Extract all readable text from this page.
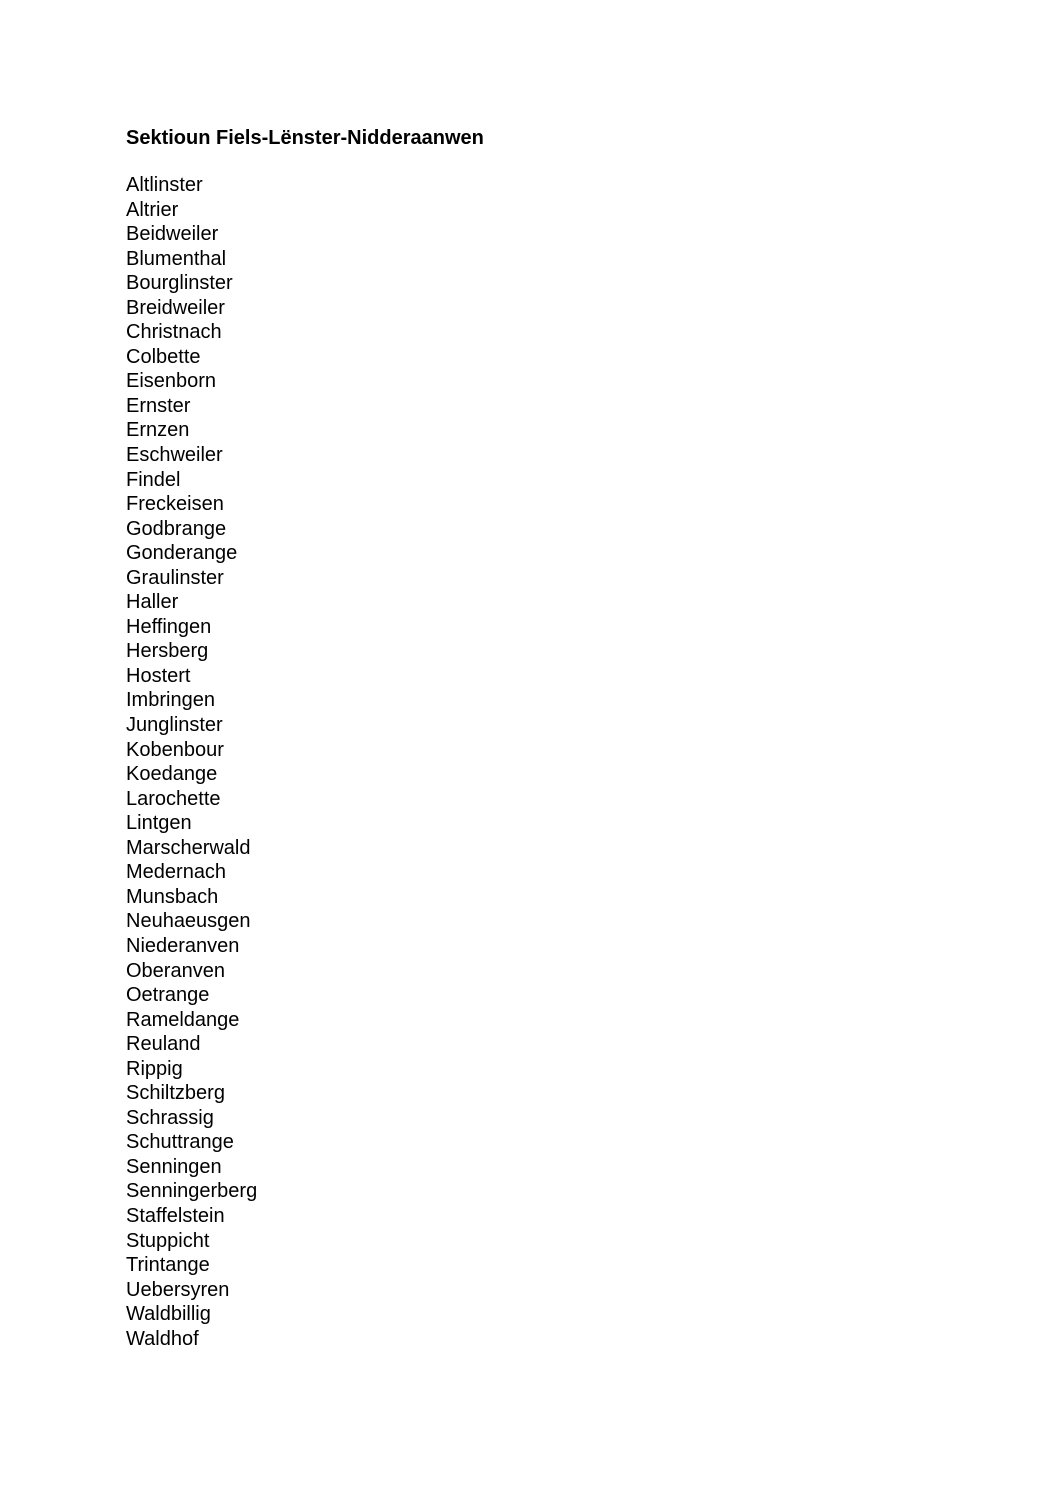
Sektioun Fiels-Lënster-Nidderaanwen
Altlinster
Altrier
Beidweiler
Blumenthal
Bourglinster
Breidweiler
Christnach
Colbette
Eisenborn
Ernster
Ernzen
Eschweiler
Findel
Freckeisen
Godbrange
Gonderange
Graulinster
Haller
Heffingen
Hersberg
Hostert
Imbringen
Junglinster
Kobenbour
Koedange
Larochette
Lintgen
Marscherwald
Medernach
Munsbach
Neuhaeusgen
Niederanven
Oberanven
Oetrange
Rameldange
Reuland
Rippig
Schiltzberg
Schrassig
Schuttrange
Senningen
Senningerberg
Staffelstein
Stuppicht
Trintange
Uebersyren
Waldbillig
Waldhof
